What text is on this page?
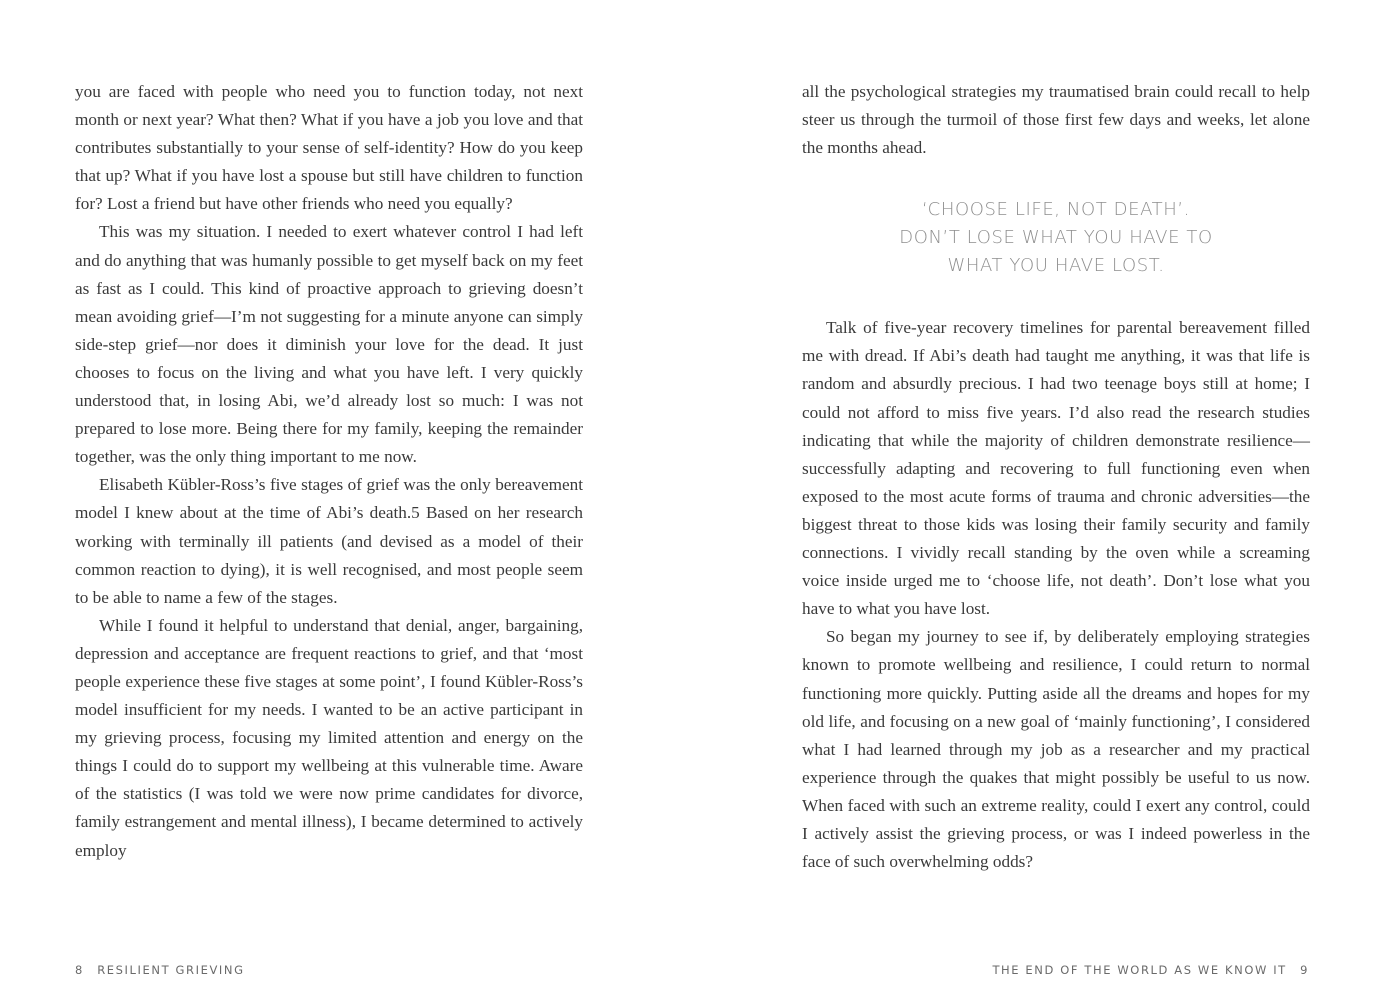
you are faced with people who need you to function today, not next month or next year? What then? What if you have a job you love and that contributes substantially to your sense of self-identity? How do you keep that up? What if you have lost a spouse but still have children to function for? Lost a friend but have other friends who need you equally?

This was my situation. I needed to exert whatever control I had left and do anything that was humanly possible to get myself back on my feet as fast as I could. This kind of proactive approach to grieving doesn’t mean avoiding grief—I’m not suggesting for a minute anyone can simply side-step grief—nor does it diminish your love for the dead. It just chooses to focus on the living and what you have left. I very quickly understood that, in losing Abi, we’d already lost so much: I was not prepared to lose more. Being there for my family, keeping the remainder together, was the only thing important to me now.

Elisabeth Kübler-Ross’s five stages of grief was the only bereavement model I knew about at the time of Abi’s death.5 Based on her research working with terminally ill patients (and devised as a model of their common reaction to dying), it is well recognised, and most people seem to be able to name a few of the stages.

While I found it helpful to understand that denial, anger, bargaining, depression and acceptance are frequent reactions to grief, and that ‘most people experience these five stages at some point’, I found Kübler-Ross’s model insufficient for my needs. I wanted to be an active participant in my grieving process, focusing my limited attention and energy on the things I could do to support my wellbeing at this vulnerable time. Aware of the statistics (I was told we were now prime candidates for divorce, family estrangement and mental illness), I became determined to actively employ

8 RESILIENT GRIEVING

all the psychological strategies my traumatised brain could recall to help steer us through the turmoil of those first few days and weeks, let alone the months ahead.

‘CHOOSE LIFE, NOT DEATH’.
DON’T LOSE WHAT YOU HAVE TO
WHAT YOU HAVE LOST.

Talk of five-year recovery timelines for parental bereavement filled me with dread. If Abi’s death had taught me anything, it was that life is random and absurdly precious. I had two teenage boys still at home; I could not afford to miss five years. I’d also read the research studies indicating that while the majority of children demonstrate resilience—successfully adapting and recovering to full functioning even when exposed to the most acute forms of trauma and chronic adversities—the biggest threat to those kids was losing their family security and family connections. I vividly recall standing by the oven while a screaming voice inside urged me to ‘choose life, not death’. Don’t lose what you have to what you have lost.

So began my journey to see if, by deliberately employing strategies known to promote wellbeing and resilience, I could return to normal functioning more quickly. Putting aside all the dreams and hopes for my old life, and focusing on a new goal of ‘mainly functioning’, I considered what I had learned through my job as a researcher and my practical experience through the quakes that might possibly be useful to us now. When faced with such an extreme reality, could I exert any control, could I actively assist the grieving process, or was I indeed powerless in the face of such overwhelming odds?

THE END OF THE WORLD AS WE KNOW IT 9
